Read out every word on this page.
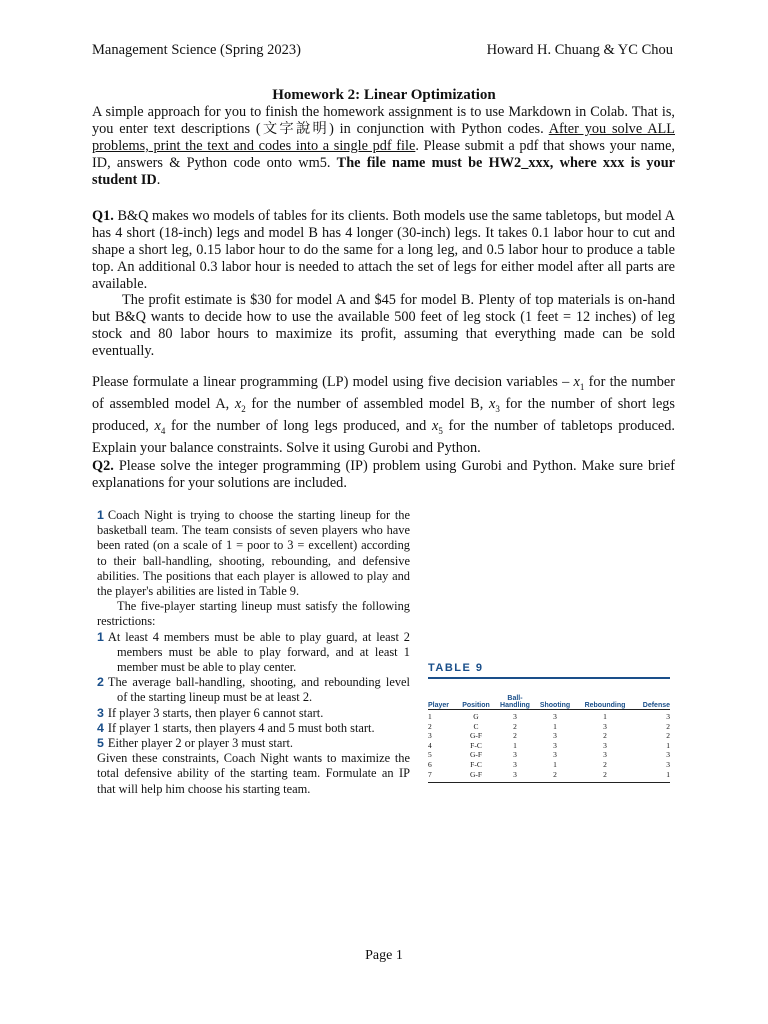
Management Science (Spring 2023)	Howard H. Chuang & YC Chou
Homework 2: Linear Optimization
A simple approach for you to finish the homework assignment is to use Markdown in Colab. That is, you enter text descriptions (文字說明) in conjunction with Python codes. After you solve ALL problems, print the text and codes into a single pdf file. Please submit a pdf that shows your name, ID, answers & Python code onto wm5. The file name must be HW2_xxx, where xxx is your student ID.
Q1. B&Q makes wo models of tables for its clients. Both models use the same tabletops, but model A has 4 short (18-inch) legs and model B has 4 longer (30-inch) legs. It takes 0.1 labor hour to cut and shape a short leg, 0.15 labor hour to do the same for a long leg, and 0.5 labor hour to produce a table top. An additional 0.3 labor hour is needed to attach the set of legs for either model after all parts are available.
The profit estimate is $30 for model A and $45 for model B. Plenty of top materials is on-hand but B&Q wants to decide how to use the available 500 feet of leg stock (1 feet = 12 inches) of leg stock and 80 labor hours to maximize its profit, assuming that everything made can be sold eventually.
Please formulate a linear programming (LP) model using five decision variables – $x_1$ for the number of assembled model A, $x_2$ for the number of assembled model B, $x_3$ for the number of short legs produced, $x_4$ for the number of long legs produced, and $x_5$ for the number of tabletops produced. Explain your balance constraints. Solve it using Gurobi and Python.
Q2. Please solve the integer programming (IP) problem using Gurobi and Python. Make sure brief explanations for your solutions are included.
1 Coach Night is trying to choose the starting lineup for the basketball team. The team consists of seven players who have been rated (on a scale of 1 = poor to 3 = excellent) according to their ball-handling, shooting, rebounding, and defensive abilities. The positions that each player is allowed to play and the player's abilities are listed in Table 9.
The five-player starting lineup must satisfy the following restrictions:
1 At least 4 members must be able to play guard, at least 2 members must be able to play forward, and at least 1 member must be able to play center.
2 The average ball-handling, shooting, and rebounding level of the starting lineup must be at least 2.
3 If player 3 starts, then player 6 cannot start.
4 If player 1 starts, then players 4 and 5 must both start.
5 Either player 2 or player 3 must start.
Given these constraints, Coach Night wants to maximize the total defensive ability of the starting team. Formulate an IP that will help him choose his starting team.
TABLE 9
Player	Position
Ball-
Handling	Shooting	Rebounding	Defense
1	G	3	3	1	3
2	C	2	1	3	2
3	G-F	2	3	2	2
4	F-C	1	3	3	1
5	G-F	3	3	3	3
6	F-C	3	1	2	3
7	G-F	3	2	2	1
Page 1
